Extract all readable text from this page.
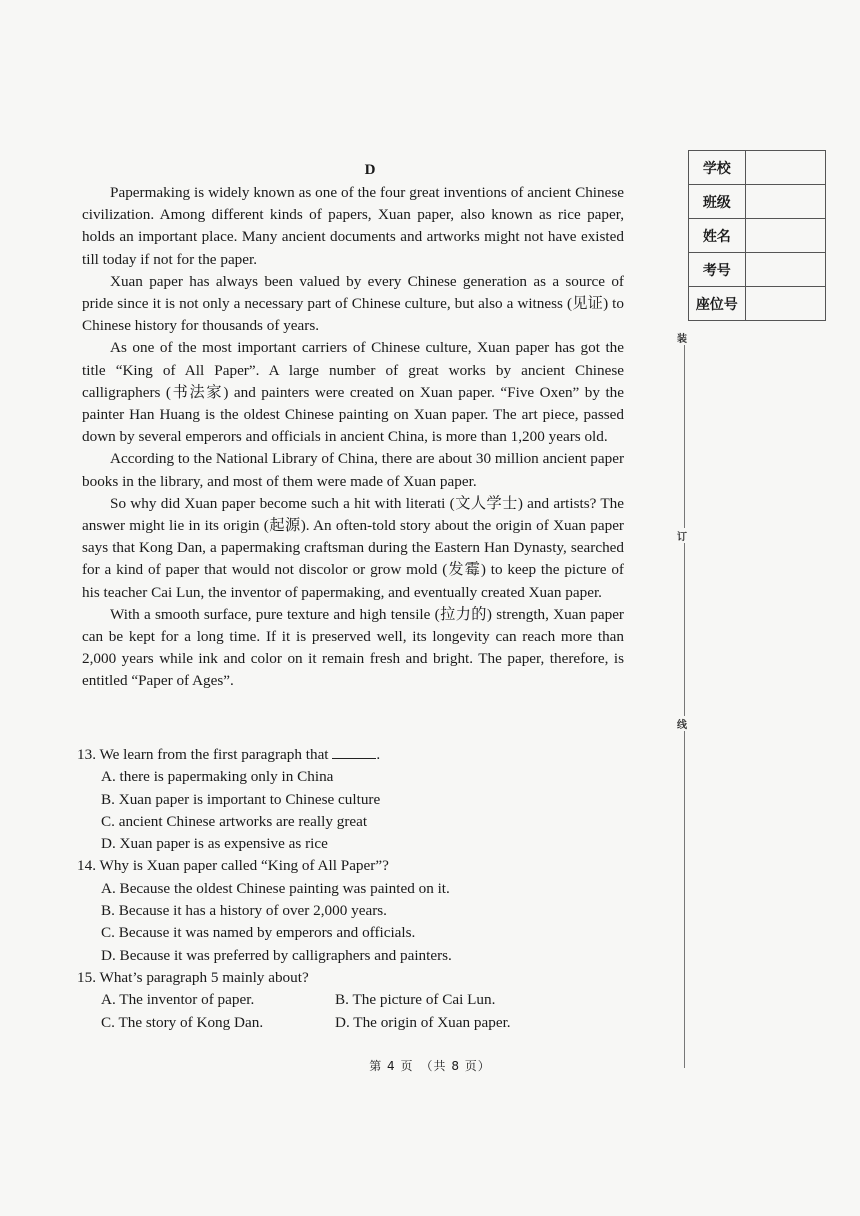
D

Papermaking is widely known as one of the four great inventions of ancient Chinese civilization. Among different kinds of papers, Xuan paper, also known as rice paper, holds an important place. Many ancient documents and artworks might not have existed till today if not for the paper.

Xuan paper has always been valued by every Chinese generation as a source of pride since it is not only a necessary part of Chinese culture, but also a witness (见证) to Chinese history for thousands of years.

As one of the most important carriers of Chinese culture, Xuan paper has got the title “King of All Paper”. A large number of great works by ancient Chinese calligraphers (书法家) and painters were created on Xuan paper. “Five Oxen” by the painter Han Huang is the oldest Chinese painting on Xuan paper. The art piece, passed down by several emperors and officials in ancient China, is more than 1,200 years old.

According to the National Library of China, there are about 30 million ancient paper books in the library, and most of them were made of Xuan paper.

So why did Xuan paper become such a hit with literati (文人学士) and artists? The answer might lie in its origin (起源). An often-told story about the origin of Xuan paper says that Kong Dan, a papermaking craftsman during the Eastern Han Dynasty, searched for a kind of paper that would not discolor or grow mold (发霉) to keep the picture of his teacher Cai Lun, the inventor of papermaking, and eventually created Xuan paper.

With a smooth surface, pure texture and high tensile (拉力的) strength, Xuan paper can be kept for a long time. If it is preserved well, its longevity can reach more than 2,000 years while ink and color on it remain fresh and bright. The paper, therefore, is entitled “Paper of Ages”.

13. We learn from the first paragraph that	.

A. there is papermaking only in China

B. Xuan paper is important to Chinese culture

C. ancient Chinese artworks are really great

D. Xuan paper is as expensive as rice

14. Why is Xuan paper called “King of All Paper”?

A. Because the oldest Chinese painting was painted on it.

B. Because it has a history of over 2,000 years.

C. Because it was named by emperors and officials.

D. Because it was preferred by calligraphers and painters.

15. What’s paragraph 5 mainly about?

A. The inventor of paper.	B. The picture of Cai Lun.
C. The story of Kong Dan.	D. The origin of Xuan paper.
第 4 页　（共 8 页）
学校	
班级	
姓名	
考号	
座位号	
装
订
线
